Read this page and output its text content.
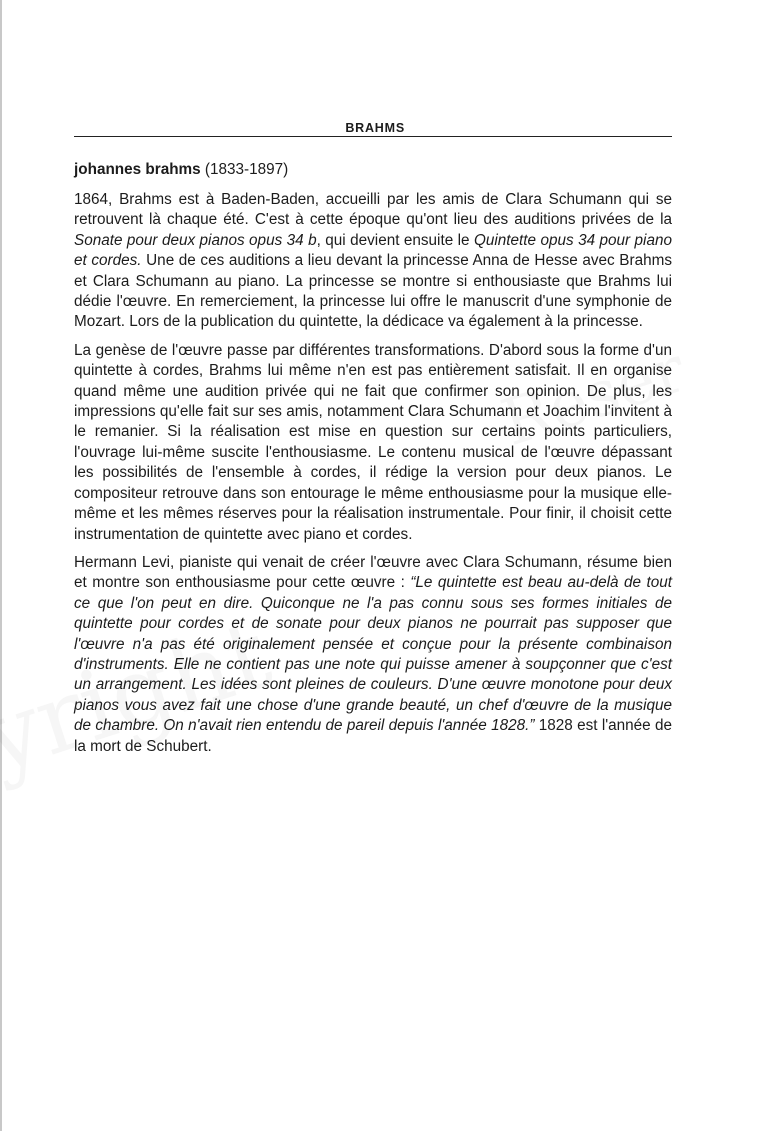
BRAHMS
johannes brahms (1833-1897)

1864, Brahms est à Baden-Baden, accueilli par les amis de Clara Schumann qui se retrouvent là chaque été. C'est à cette époque qu'ont lieu des auditions privées de la Sonate pour deux pianos opus 34 b, qui devient ensuite le Quintette opus 34 pour piano et cordes. Une de ces auditions a lieu devant la princesse Anna de Hesse avec Brahms et Clara Schumann au piano. La princesse se montre si enthousiaste que Brahms lui dédie l'œuvre. En remerciement, la princesse lui offre le manuscrit d'une symphonie de Mozart. Lors de la publication du quintette, la dédicace va également à la princesse.

La genèse de l'œuvre passe par différentes transformations. D'abord sous la forme d'un quintette à cordes, Brahms lui même n'en est pas entièrement satisfait. Il en organise quand même une audition privée qui ne fait que confirmer son opinion. De plus, les impressions qu'elle fait sur ses amis, notamment Clara Schumann et Joachim l'invitent à le remanier. Si la réalisation est mise en question sur certains points particuliers, l'ouvrage lui-même suscite l'enthousiasme. Le contenu musical de l'œuvre dépassant les possibilités de l'ensemble à cordes, il rédige la version pour deux pianos. Le compositeur retrouve dans son entourage le même enthousiasme pour la musique elle-même et les mêmes réserves pour la réalisation instrumentale. Pour finir, il choisit cette instrumentation de quintette avec piano et cordes.

Hermann Levi, pianiste qui venait de créer l'œuvre avec Clara Schumann, résume bien et montre son enthousiasme pour cette œuvre : “Le quintette est beau au-delà de tout ce que l'on peut en dire. Quiconque ne l'a pas connu sous ses formes initiales de quintette pour cordes et de sonate pour deux pianos ne pourrait pas supposer que l'œuvre n'a pas été originalement pensée et conçue pour la présente combinaison d'instruments. Elle ne contient pas une note qui puisse amener à soupçonner que c'est un arrangement. Les idées sont pleines de couleurs. D'une œuvre monotone pour deux pianos vous avez fait une chose d'une grande beauté, un chef d'œuvre de la musique de chambre. On n'avait rien entendu de pareil depuis l'année 1828.” 1828 est l'année de la mort de Schubert.
